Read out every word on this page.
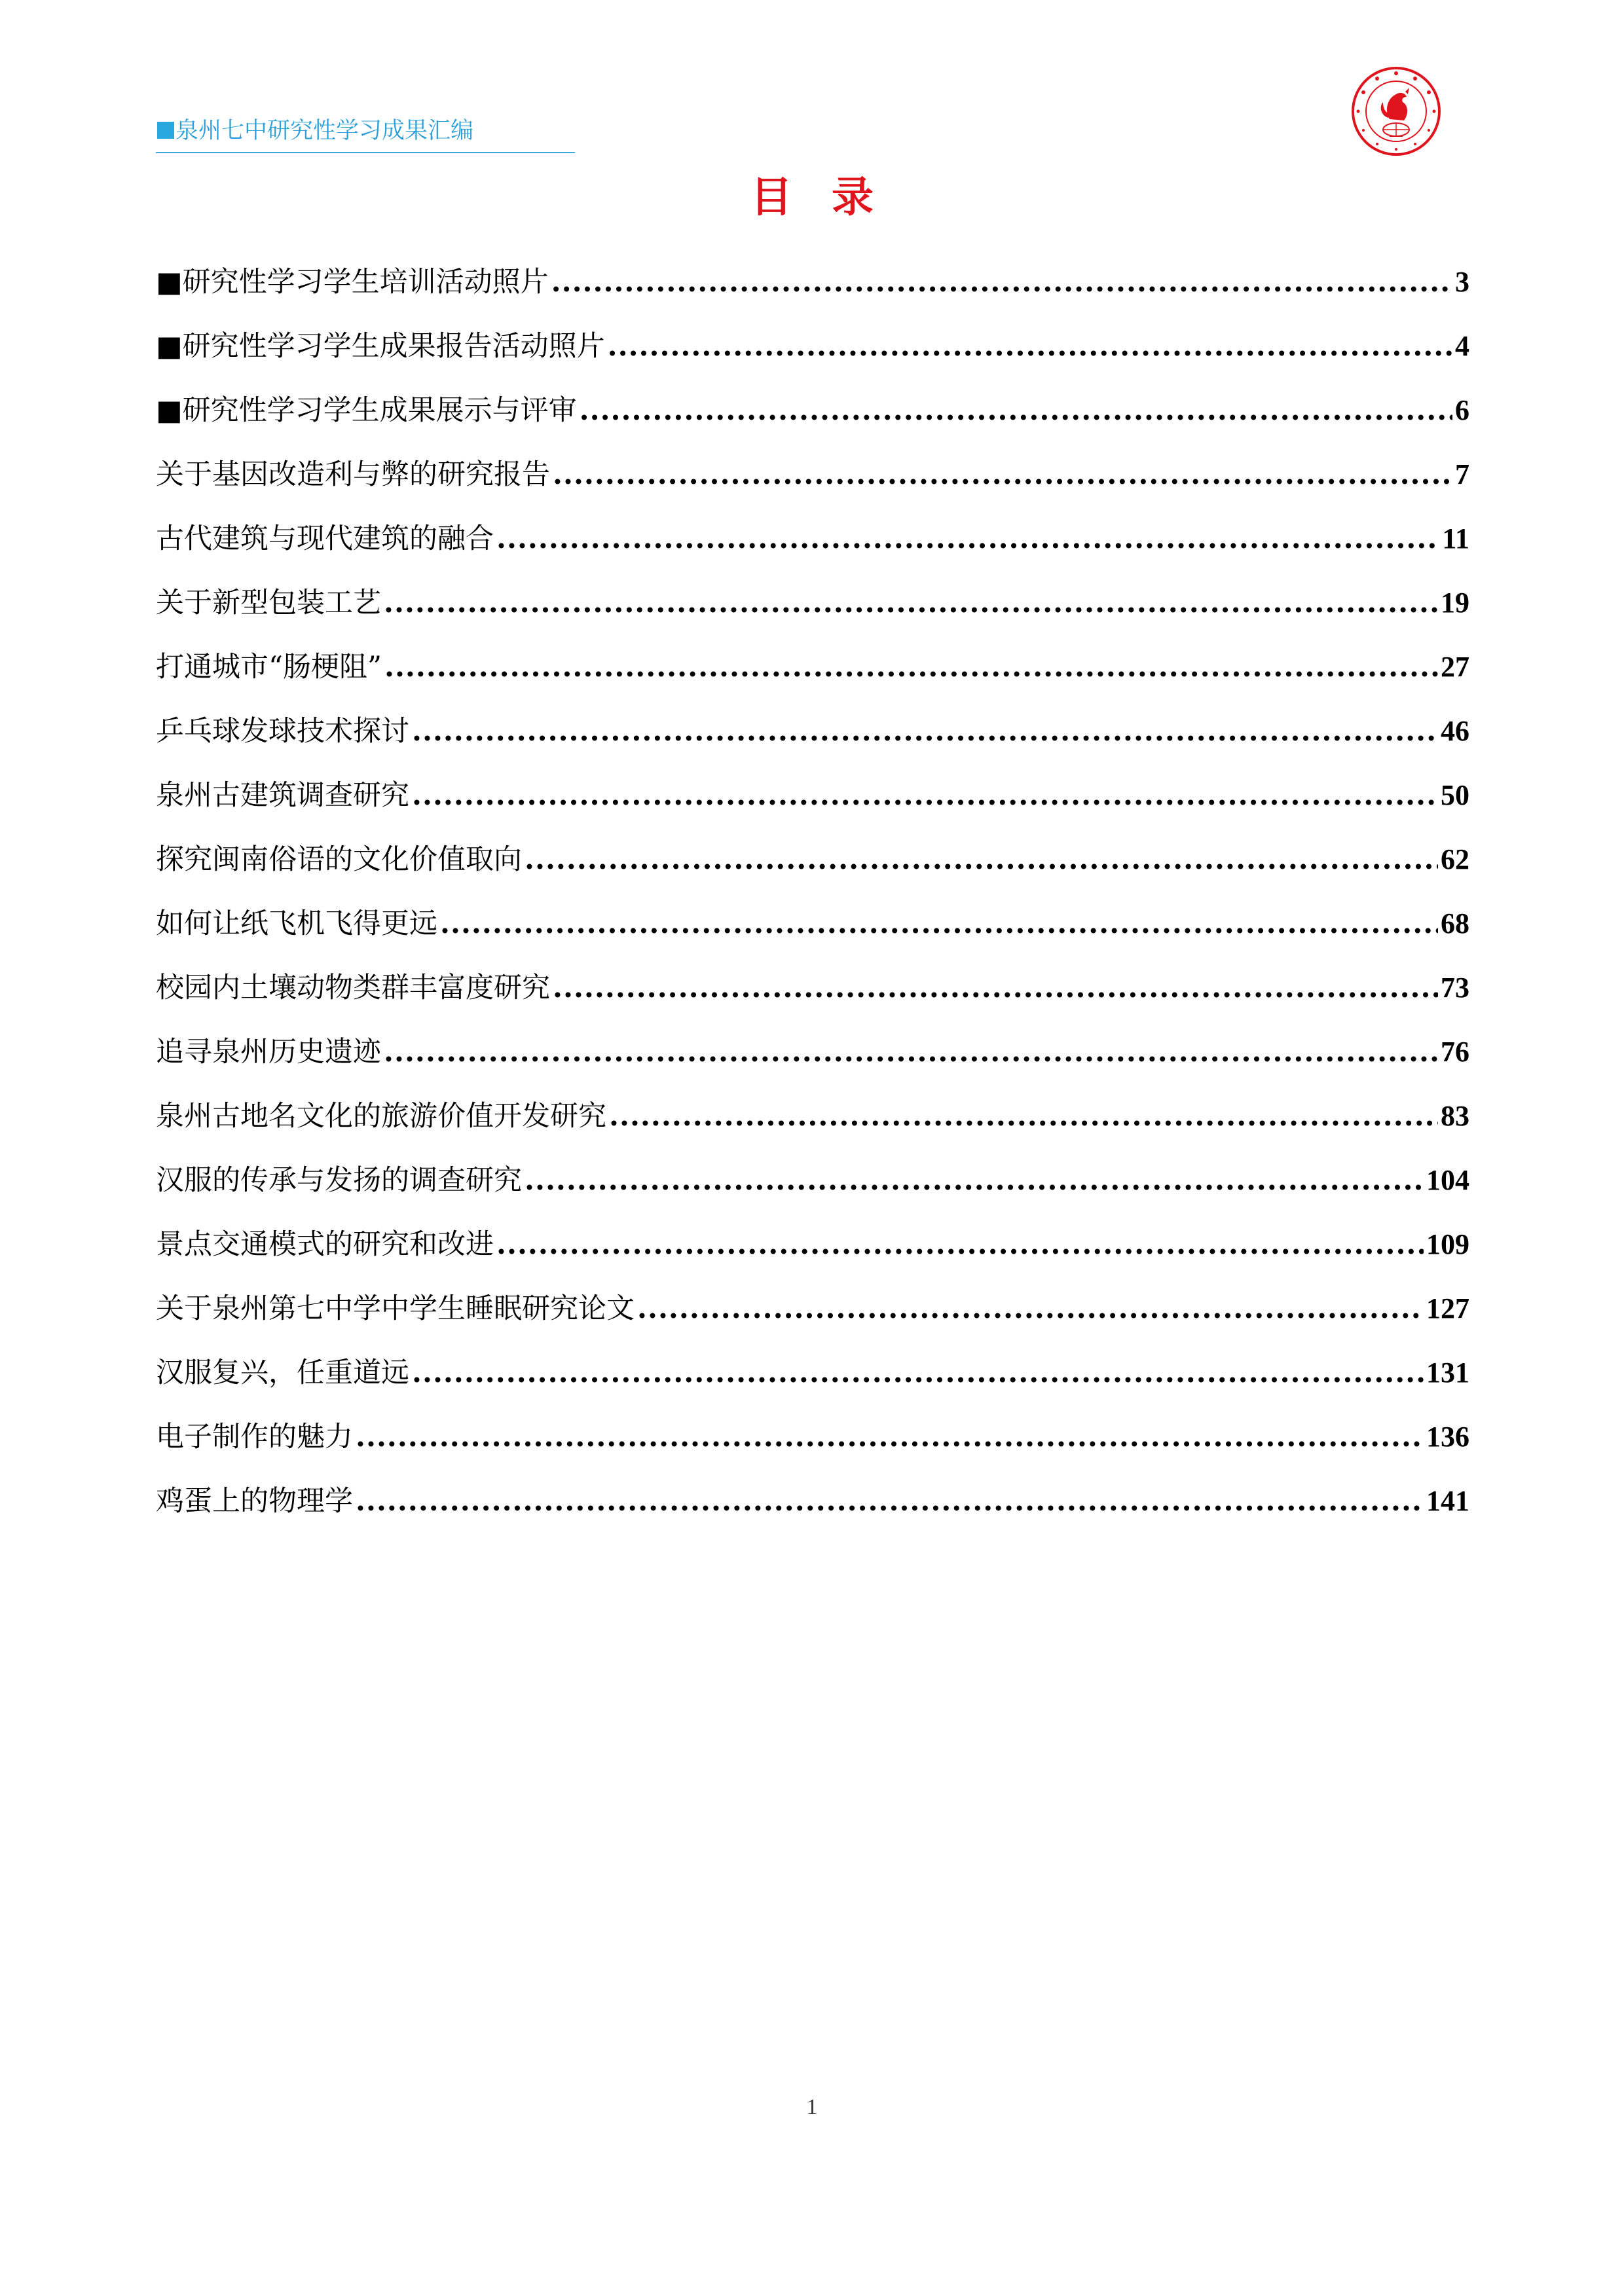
泉州七中研究性学习成果汇编
目录
■研究性学习学生培训活动照片 .....	3
■研究性学习学生成果报告活动照片 .....	4
■研究性学习学生成果展示与评审 .....	6
关于基因改造利与弊的研究报告 .....	7
古代建筑与现代建筑的融合 .....	11
关于新型包装工艺 .....	19
打通城市“肠梗阻” .....	27
乒乓球发球技术探讨 .....	46
泉州古建筑调查研究 .....	50
探究闽南俗语的文化价值取向 .....	62
如何让纸飞机飞得更远 .....	68
校园内土壤动物类群丰富度研究 .....	73
追寻泉州历史遗迹 .....	76
泉州古地名文化的旅游价值开发研究 .....	83
汉服的传承与发扬的调查研究 .....	104
景点交通模式的研究和改进 .....	109
关于泉州第七中学中学生睡眠研究论文 .....	127
汉服复兴，任重道远 .....	131
电子制作的魅力 .....	136
鸡蛋上的物理学 .....	141
1
